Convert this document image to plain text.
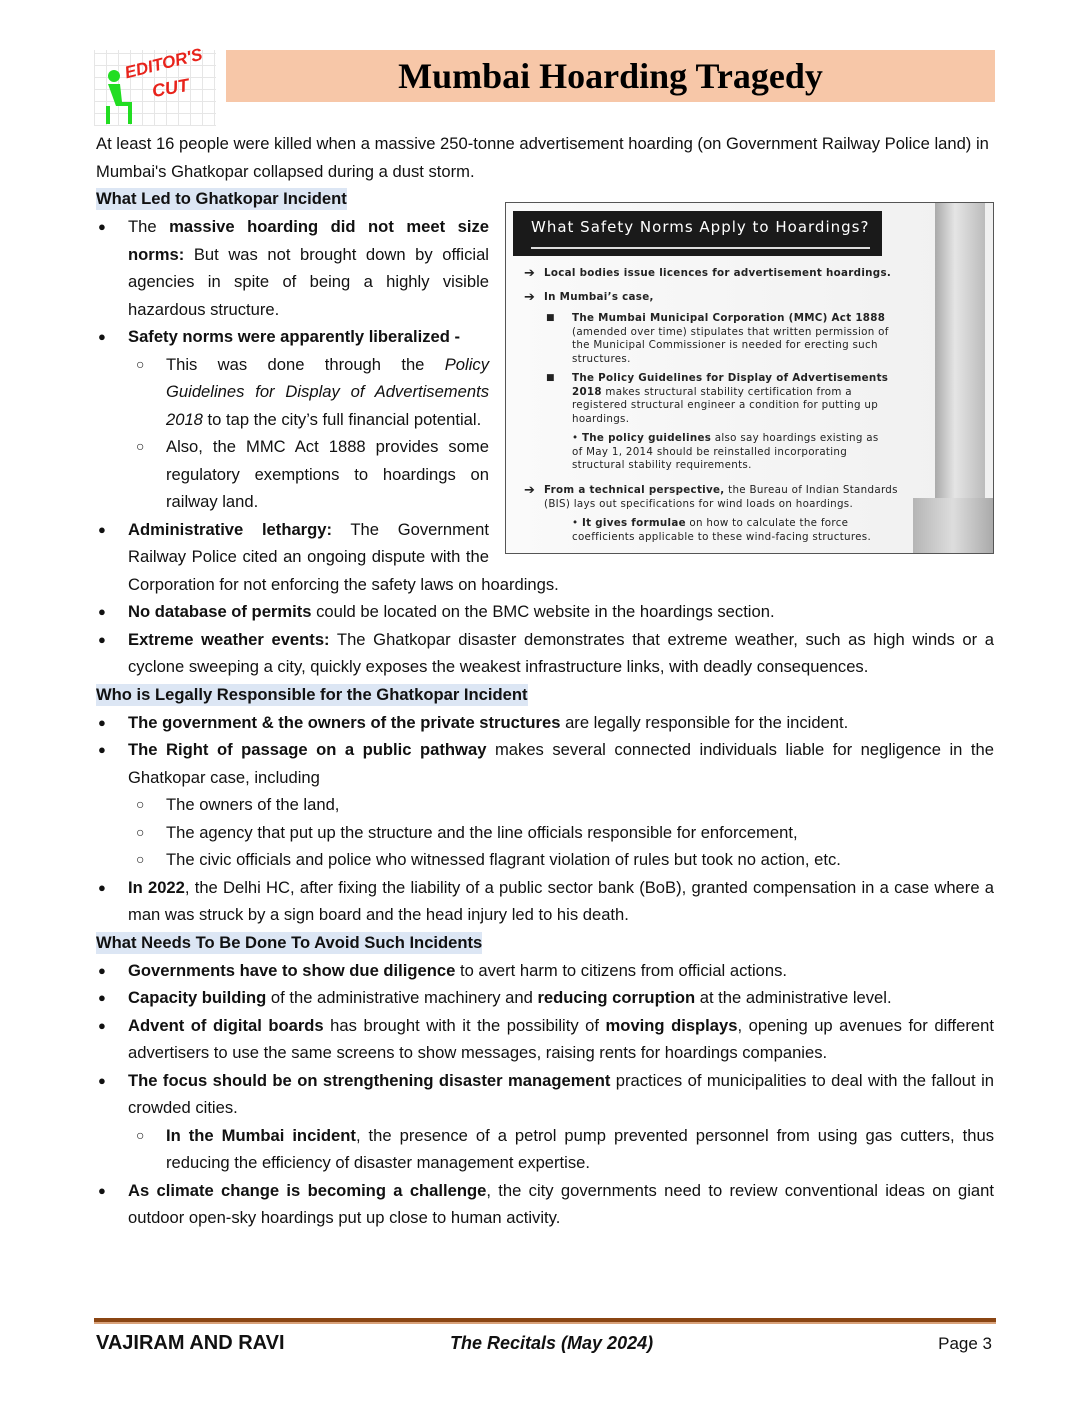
EDITOR'S
CUT	Mumbai Hoarding Tragedy

At least 16 people were killed when a massive 250-tonne advertisement hoarding (on Government Railway Police land) in Mumbai's Ghatkopar collapsed during a dust storm.

What Led to Ghatkopar Incident
What Safety Norms Apply to Hoardings?
➔ Local bodies issue licences for advertisement hoardings.
➔ In Mumbai’s case,
■ The Mumbai Municipal Corporation (MMC) Act 1888 (amended over time) stipulates that written permission of the Municipal Commissioner is needed for erecting such structures.
■ The Policy Guidelines for Display of Advertisements 2018 makes structural stability certification from a registered structural engineer a condition for putting up hoardings.
• The policy guidelines also say hoardings existing as of May 1, 2014 should be reinstalled incorporating structural stability requirements.
➔ From a technical perspective, the Bureau of Indian Standards (BIS) lays out specifications for wind loads on hoardings.
• It gives formulae on how to calculate the force coefficients applicable to these wind-facing structures.
● The massive hoarding did not meet size norms: But was not brought down by official agencies in spite of being a highly visible hazardous structure.
● Safety norms were apparently liberalized -
○ This was done through the Policy Guidelines for Display of Advertisements 2018 to tap the city’s full financial potential.
○ Also, the MMC Act 1888 provides some regulatory exemptions to hoardings on railway land.
● Administrative lethargy: The Government Railway Police cited an ongoing dispute with the Corporation for not enforcing the safety laws on hoardings.
● No database of permits could be located on the BMC website in the hoardings section.
● Extreme weather events: The Ghatkopar disaster demonstrates that extreme weather, such as high winds or a cyclone sweeping a city, quickly exposes the weakest infrastructure links, with deadly consequences.
Who is Legally Responsible for the Ghatkopar Incident
● The government & the owners of the private structures are legally responsible for the incident.
● The Right of passage on a public pathway makes several connected individuals liable for negligence in the Ghatkopar case, including
○ The owners of the land,
○ The agency that put up the structure and the line officials responsible for enforcement,
○ The civic officials and police who witnessed flagrant violation of rules but took no action, etc.
● In 2022, the Delhi HC, after fixing the liability of a public sector bank (BoB), granted compensation in a case where a man was struck by a sign board and the head injury led to his death.
What Needs To Be Done To Avoid Such Incidents
● Governments have to show due diligence to avert harm to citizens from official actions.
● Capacity building of the administrative machinery and reducing corruption at the administrative level.
● Advent of digital boards has brought with it the possibility of moving displays, opening up avenues for different advertisers to use the same screens to show messages, raising rents for hoardings companies.
● The focus should be on strengthening disaster management practices of municipalities to deal with the fallout in crowded cities.
○ In the Mumbai incident, the presence of a petrol pump prevented personnel from using gas cutters, thus reducing the efficiency of disaster management expertise.
● As climate change is becoming a challenge, the city governments need to review conventional ideas on giant outdoor open-sky hoardings put up close to human activity.
VAJIRAM AND RAVI	The Recitals (May 2024)	Page 3
